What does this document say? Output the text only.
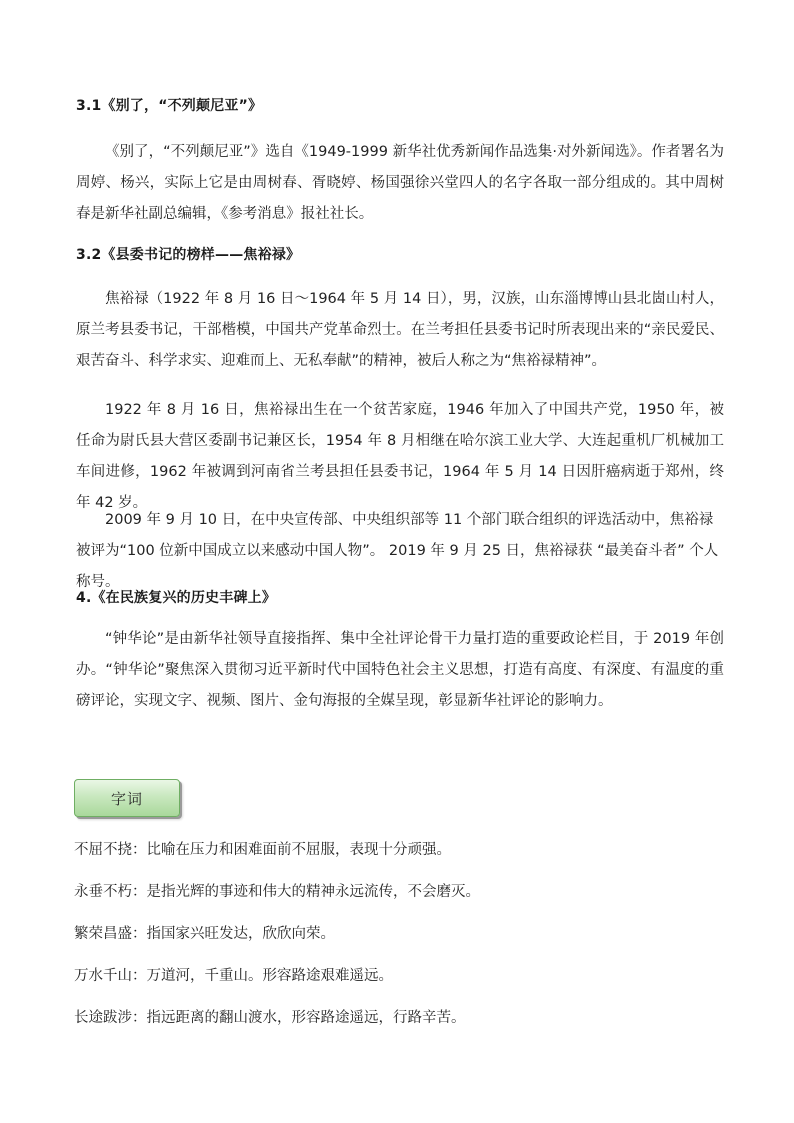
3.1《别了，“不列颠尼亚”》
《别了，“不列颠尼亚”》选自《1949-1999 新华社优秀新闻作品选集·对外新闻选》。作者署名为周婷、杨兴，实际上它是由周树春、胥晓婷、杨国强徐兴堂四人的名字各取一部分组成的。其中周树春是新华社副总编辑，《参考消息》报社社长。
3.2《县委书记的榜样——焦裕禄》
焦裕禄（1922 年 8 月 16 日～1964 年 5 月 14 日），男，汉族，山东淄博博山县北崮山村人，原兰考县委书记，干部楷模，中国共产党革命烈士。在兰考担任县委书记时所表现出来的“亲民爱民、艰苦奋斗、科学求实、迎难而上、无私奉献”的精神，被后人称之为“焦裕禄精神”。
1922 年 8 月 16 日，焦裕禄出生在一个贫苦家庭，1946 年加入了中国共产党，1950 年，被任命为尉氏县大营区委副书记兼区长，1954 年 8 月相继在哈尔滨工业大学、大连起重机厂机械加工车间进修，1962 年被调到河南省兰考县担任县委书记，1964 年 5 月 14 日因肝癌病逝于郑州，终年 42 岁。
2009 年 9 月 10 日，在中央宣传部、中央组织部等 11 个部门联合组织的评选活动中，焦裕禄被评为“100 位新中国成立以来感动中国人物”。 2019 年 9 月 25 日，焦裕禄获 “最美奋斗者” 个人称号。
4.《在民族复兴的历史丰碑上》
“钟华论”是由新华社领导直接指挥、集中全社评论骨干力量打造的重要政论栏目，于 2019 年创办。“钟华论”聚焦深入贯彻习近平新时代中国特色社会主义思想，打造有高度、有深度、有温度的重磅评论，实现文字、视频、图片、金句海报的全媒呈现，彰显新华社评论的影响力。
字词
不屈不挠：比喻在压力和困难面前不屈服，表现十分顽强。
永垂不朽：是指光辉的事迹和伟大的精神永远流传，不会磨灭。
繁荣昌盛：指国家兴旺发达，欣欣向荣。
万水千山：万道河，千重山。形容路途艰难遥远。
长途跋涉：指远距离的翻山渡水，形容路途遥远，行路辛苦。
